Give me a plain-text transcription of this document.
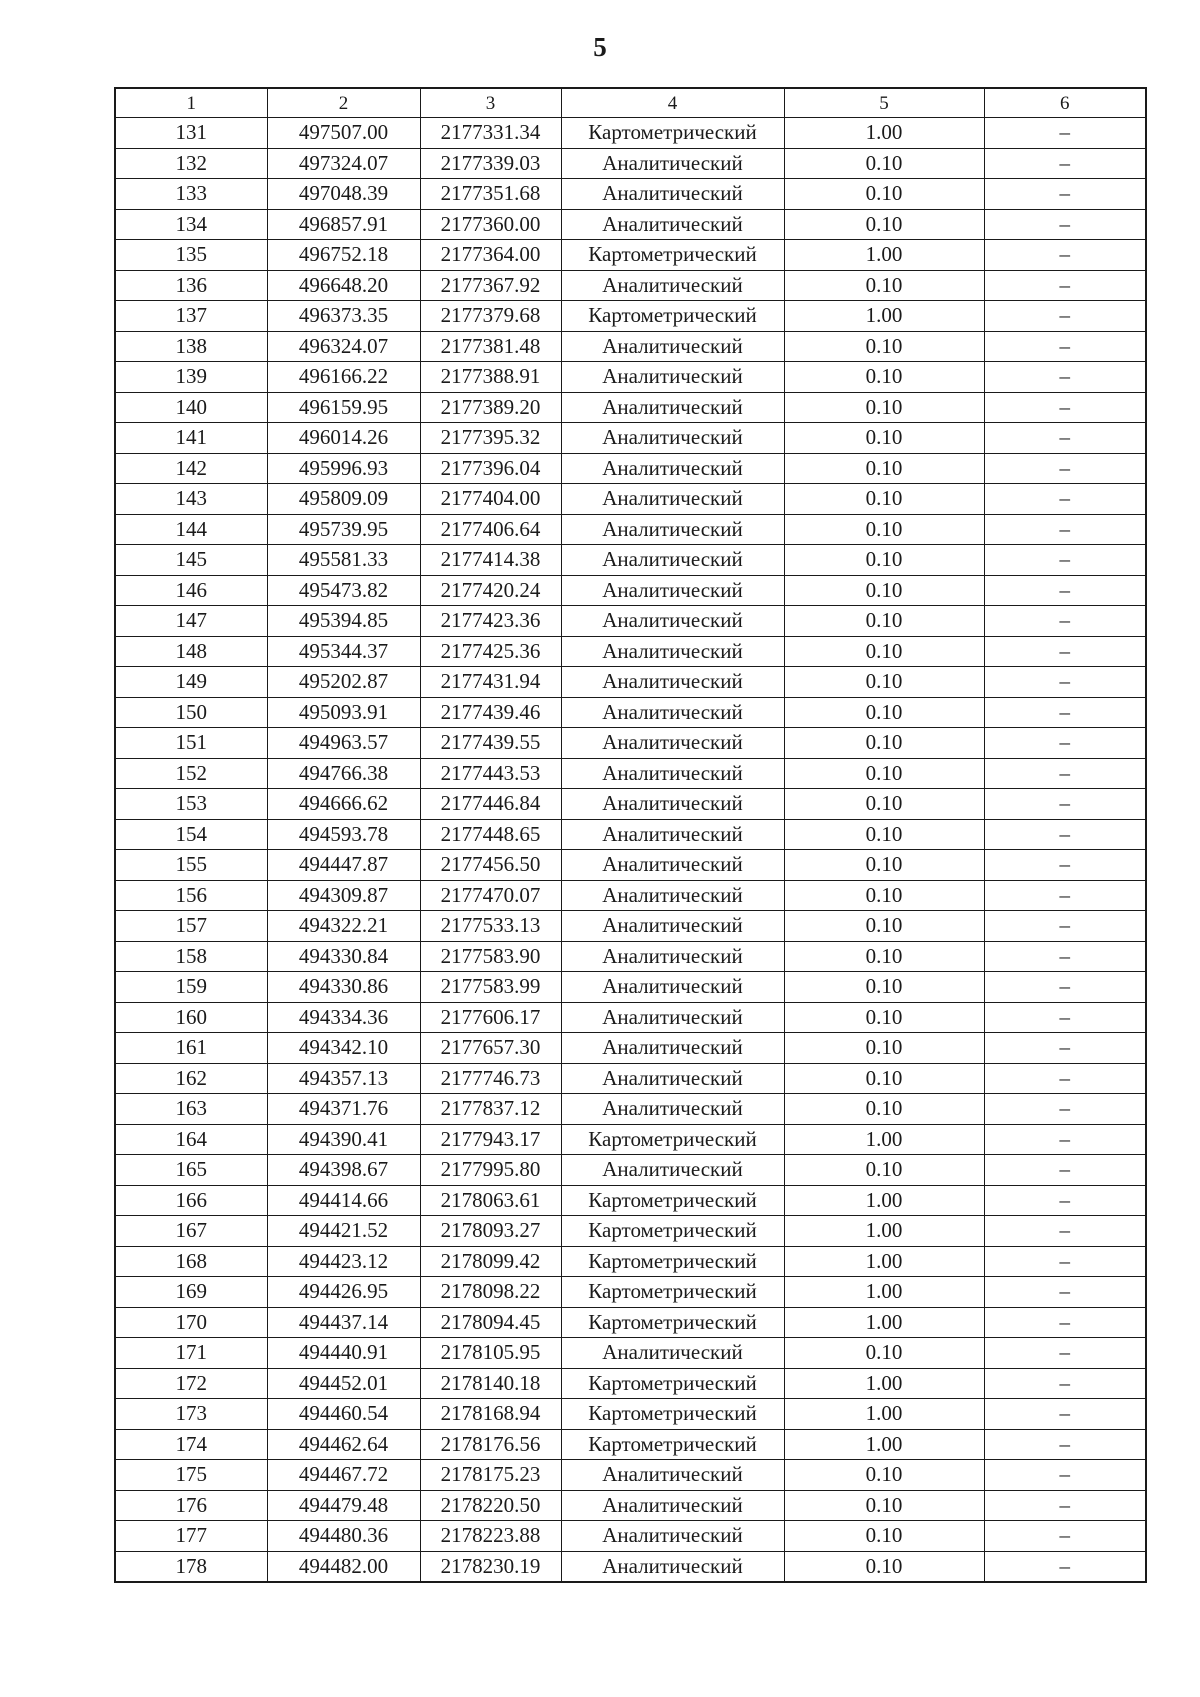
5
1	2	3	4	5	6
131	497507.00	2177331.34	Картометрический	1.00	–
132	497324.07	2177339.03	Аналитический	0.10	–
133	497048.39	2177351.68	Аналитический	0.10	–
134	496857.91	2177360.00	Аналитический	0.10	–
135	496752.18	2177364.00	Картометрический	1.00	–
136	496648.20	2177367.92	Аналитический	0.10	–
137	496373.35	2177379.68	Картометрический	1.00	–
138	496324.07	2177381.48	Аналитический	0.10	–
139	496166.22	2177388.91	Аналитический	0.10	–
140	496159.95	2177389.20	Аналитический	0.10	–
141	496014.26	2177395.32	Аналитический	0.10	–
142	495996.93	2177396.04	Аналитический	0.10	–
143	495809.09	2177404.00	Аналитический	0.10	–
144	495739.95	2177406.64	Аналитический	0.10	–
145	495581.33	2177414.38	Аналитический	0.10	–
146	495473.82	2177420.24	Аналитический	0.10	–
147	495394.85	2177423.36	Аналитический	0.10	–
148	495344.37	2177425.36	Аналитический	0.10	–
149	495202.87	2177431.94	Аналитический	0.10	–
150	495093.91	2177439.46	Аналитический	0.10	–
151	494963.57	2177439.55	Аналитический	0.10	–
152	494766.38	2177443.53	Аналитический	0.10	–
153	494666.62	2177446.84	Аналитический	0.10	–
154	494593.78	2177448.65	Аналитический	0.10	–
155	494447.87	2177456.50	Аналитический	0.10	–
156	494309.87	2177470.07	Аналитический	0.10	–
157	494322.21	2177533.13	Аналитический	0.10	–
158	494330.84	2177583.90	Аналитический	0.10	–
159	494330.86	2177583.99	Аналитический	0.10	–
160	494334.36	2177606.17	Аналитический	0.10	–
161	494342.10	2177657.30	Аналитический	0.10	–
162	494357.13	2177746.73	Аналитический	0.10	–
163	494371.76	2177837.12	Аналитический	0.10	–
164	494390.41	2177943.17	Картометрический	1.00	–
165	494398.67	2177995.80	Аналитический	0.10	–
166	494414.66	2178063.61	Картометрический	1.00	–
167	494421.52	2178093.27	Картометрический	1.00	–
168	494423.12	2178099.42	Картометрический	1.00	–
169	494426.95	2178098.22	Картометрический	1.00	–
170	494437.14	2178094.45	Картометрический	1.00	–
171	494440.91	2178105.95	Аналитический	0.10	–
172	494452.01	2178140.18	Картометрический	1.00	–
173	494460.54	2178168.94	Картометрический	1.00	–
174	494462.64	2178176.56	Картометрический	1.00	–
175	494467.72	2178175.23	Аналитический	0.10	–
176	494479.48	2178220.50	Аналитический	0.10	–
177	494480.36	2178223.88	Аналитический	0.10	–
178	494482.00	2178230.19	Аналитический	0.10	–
